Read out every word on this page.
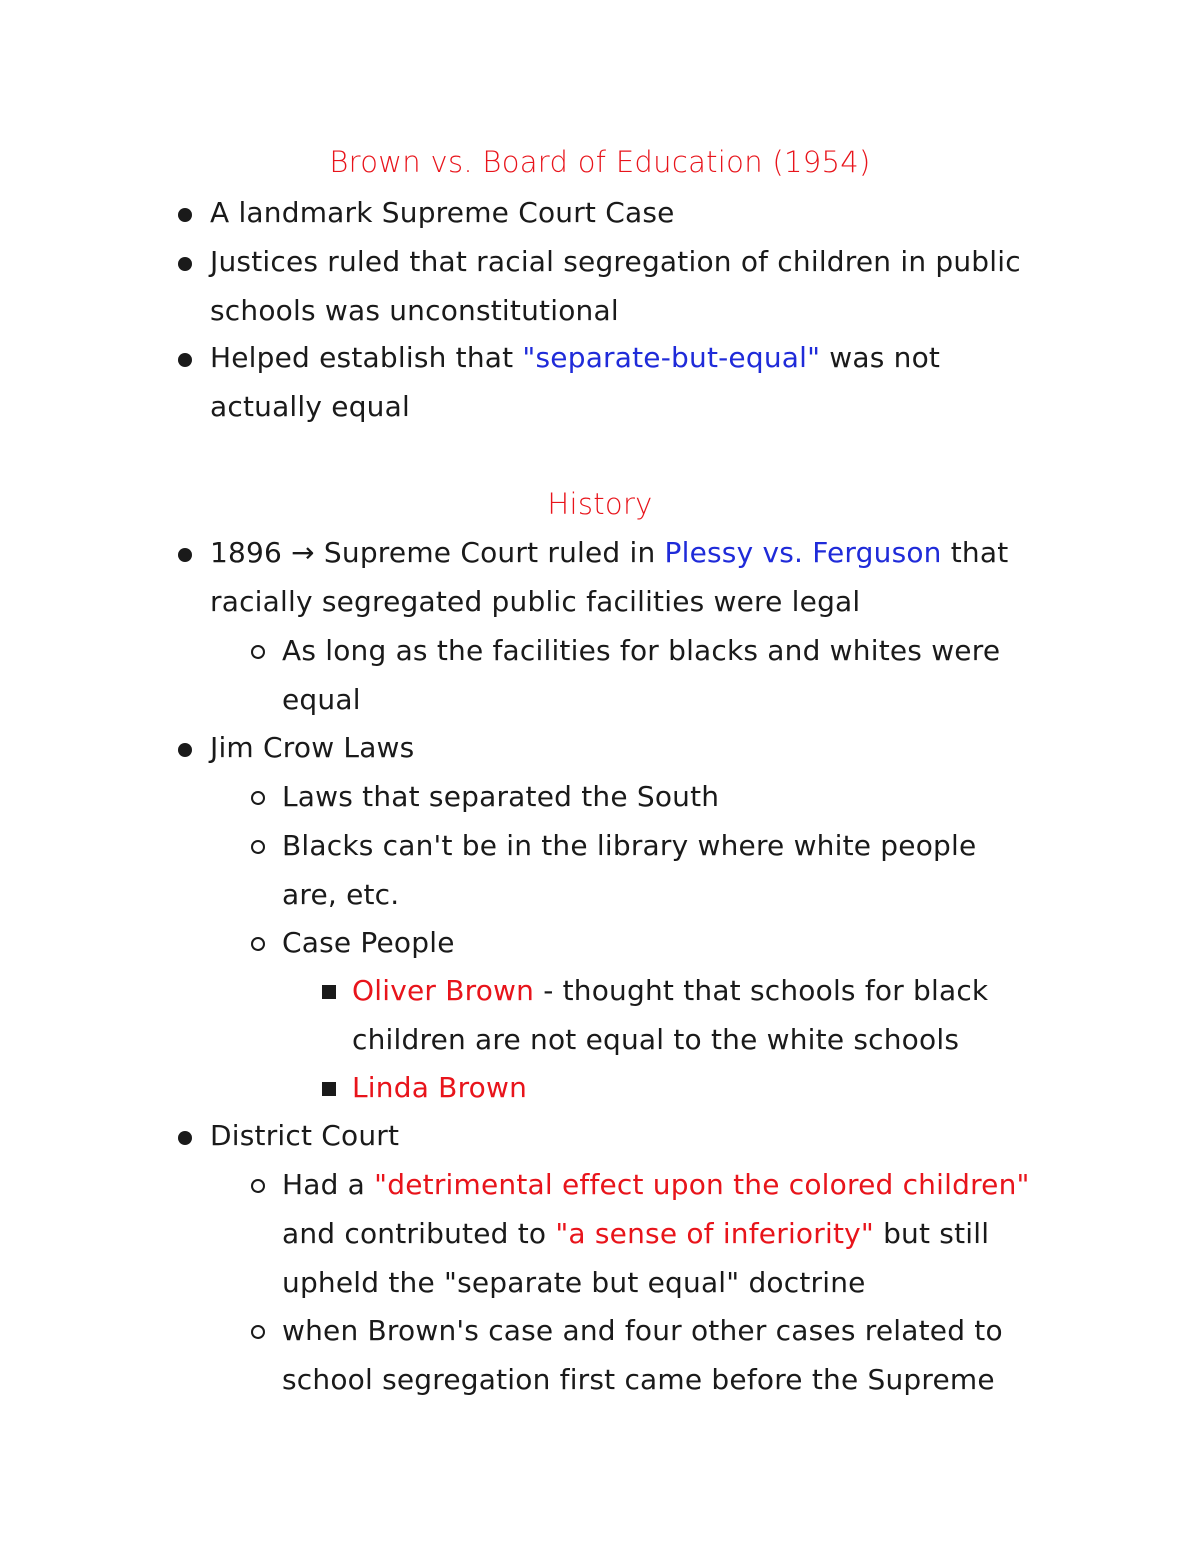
Brown vs. Board of Education (1954)
A landmark Supreme Court Case
Justices ruled that racial segregation of children in public
schools was unconstitutional
Helped establish that "separate-but-equal" was not
actually equal
History
1896 → Supreme Court ruled in Plessy vs. Ferguson that
racially segregated public facilities were legal
As long as the facilities for blacks and whites were
equal
Jim Crow Laws
Laws that separated the South
Blacks can't be in the library where white people
are, etc.
Case People
Oliver Brown - thought that schools for black
children are not equal to the white schools
Linda Brown
District Court
Had a "detrimental effect upon the colored children"
and contributed to "a sense of inferiority" but still
upheld the "separate but equal" doctrine
when Brown's case and four other cases related to
school segregation first came before the Supreme
